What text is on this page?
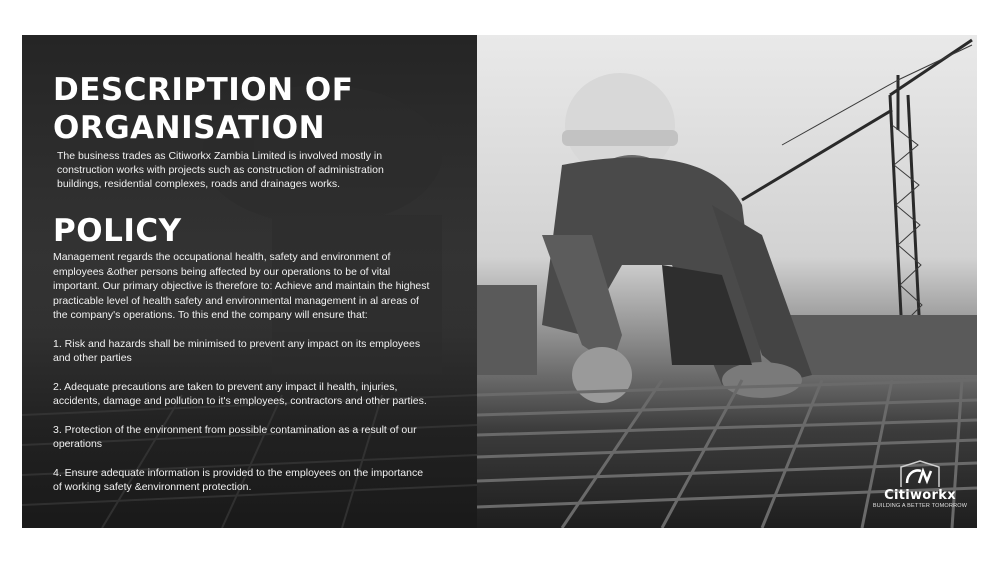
DESCRIPTION OF ORGANISATION
The business trades as Citiworkx Zambia Limited is involved mostly in construction works with projects such as construction of administration buildings, residential complexes, roads and drainages works.
POLICY

Management regards the occupational health, safety and environment of employees &other persons being affected by our operations to be of vital important. Our primary objective is therefore to: Achieve and maintain the highest practicable level of health safety and environmental management in al areas of the company's operations. To this end the company will ensure that:

1. Risk and hazards shall be minimised to prevent any impact on its employees and other parties

2. Adequate precautions are taken to prevent any impact il health, injuries, accidents, damage and pollution to it's employees, contractors and other parties.

3. Protection of the environment from possible contamination as a result of our operations

4. Ensure adequate information is provided to the employees on the importance of working safety &environment protection.

Citiworkx
BUILDING A BETTER TOMORROW
